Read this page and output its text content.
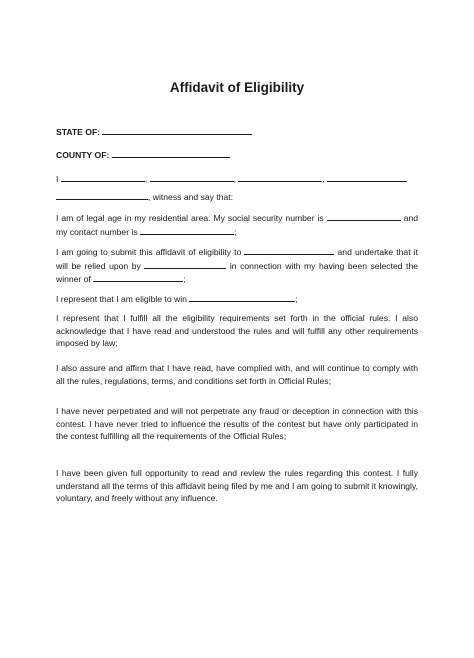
Affidavit of Eligibility
STATE OF:
COUNTY OF:
I	,	,	,
, witness and say that:

I am of legal age in my residential area. My social security number is	and my contact number is	;

I am going to submit this affidavit of eligibility to	and undertake that it will be relied upon by	in connection with my having been selected the winner of	;

I represent that I am eligible to win	;

I represent that I fulfill all the eligibility requirements set forth in the official rules. I also acknowledge that I have read and understood the rules and will fulfill any other requirements imposed by law;

I also assure and affirm that I have read, have complied with, and will continue to comply with all the rules, regulations, terms, and conditions set forth in Official Rules;

I have never perpetrated and will not perpetrate any fraud or deception in connection with this contest. I have never tried to influence the results of the contest but have only participated in the contest fulfilling all the requirements of the Official Rules;

I have been given full opportunity to read and review the rules regarding this contest. I fully understand all the terms of this affidavit being filed by me and I am going to submit it knowingly, voluntary, and freely without any influence.
